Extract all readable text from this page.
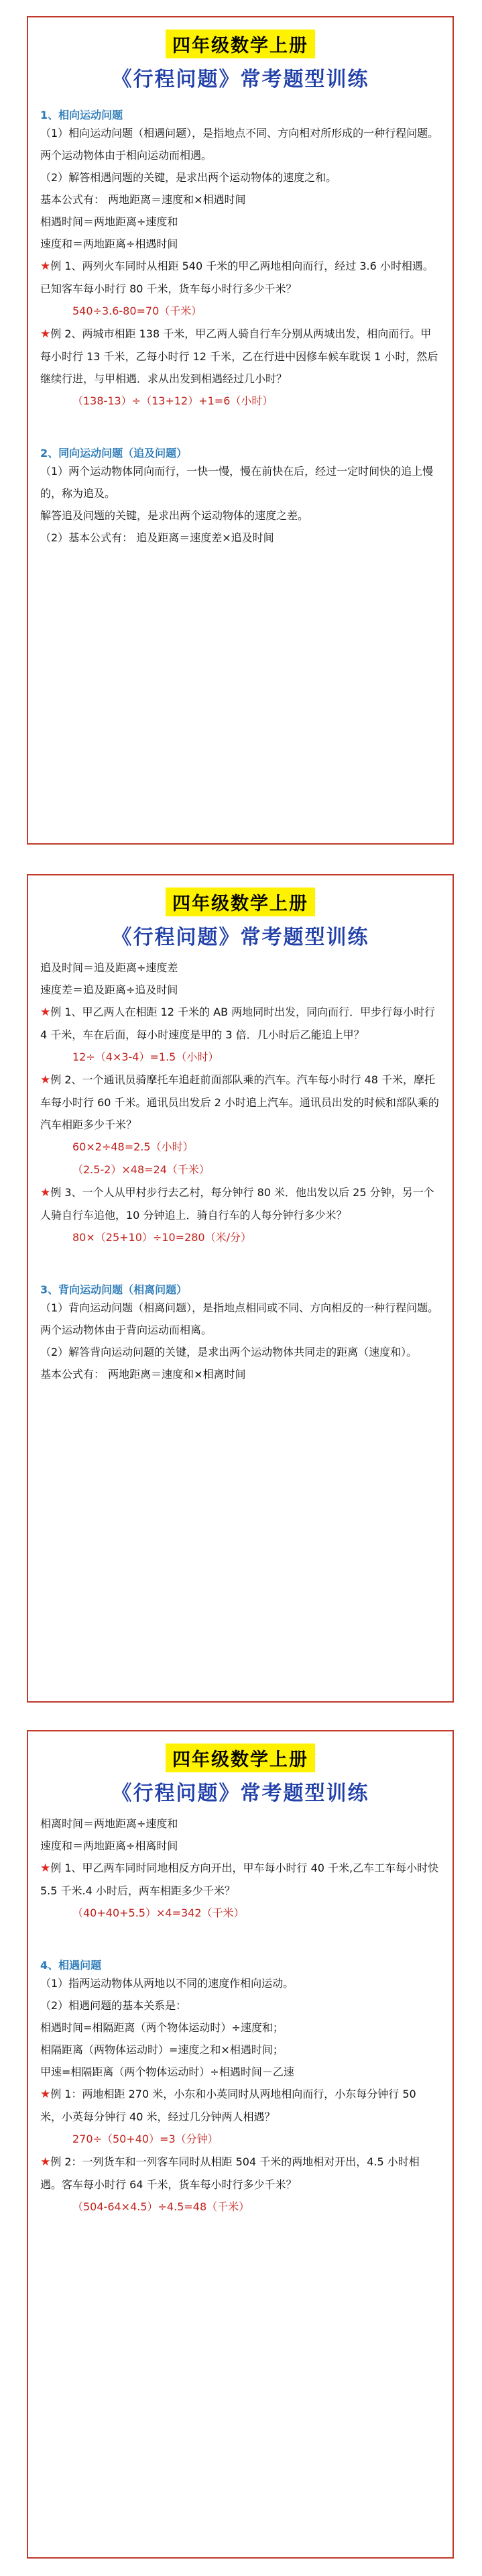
四年级数学上册
《行程问题》常考题型训练
1、相向运动问题

（1）相向运动问题（相遇问题），是指地点不同、方向相对所形成的一种行程问题。两个运动物体由于相向运动而相遇。

（2）解答相遇问题的关键，是求出两个运动物体的速度之和。

基本公式有： 两地距离＝速度和×相遇时间

相遇时间＝两地距离÷速度和

速度和＝两地距离÷相遇时间

★例 1、两列火车同时从相距 540 千米的甲乙两地相向而行，经过 3.6 小时相遇。已知客车每小时行 80 千米，货车每小时行多少千米？

540÷3.6-80=70（千米）

★例 2、两城市相距 138 千米，甲乙两人骑自行车分别从两城出发，相向而行。甲每小时行 13 千米，乙每小时行 12 千米，乙在行进中因修车候车耽误 1 小时，然后继续行进，与甲相遇．求从出发到相遇经过几小时？

（138-13）÷（13+12）+1=6（小时）
2、同向运动问题（追及问题）

（1）两个运动物体同向而行，一快一慢，慢在前快在后，经过一定时间快的追上慢的，称为追及。

解答追及问题的关键，是求出两个运动物体的速度之差。

（2）基本公式有： 追及距离＝速度差×追及时间

四年级数学上册
《行程问题》常考题型训练

追及时间＝追及距离÷速度差

速度差＝追及距离÷追及时间

★例 1、甲乙两人在相距 12 千米的 AB 两地同时出发，同向而行．甲步行每小时行 4 千米，车在后面，每小时速度是甲的 3 倍．几小时后乙能追上甲？

12÷（4×3-4）=1.5（小时）

★例 2、一个通讯员骑摩托车追赶前面部队乘的汽车。汽车每小时行 48 千米，摩托车每小时行 60 千米。通讯员出发后 2 小时追上汽车。通讯员出发的时候和部队乘的汽车相距多少千米？

60×2÷48=2.5（小时）
（2.5-2）×48=24（千米）

★例 3、一个人从甲村步行去乙村，每分钟行 80 米．他出发以后 25 分钟，另一个人骑自行车追他，10 分钟追上．骑自行车的人每分钟行多少米？

80×（25+10）÷10=280（米/分）
3、背向运动问题（相离问题）

（1）背向运动问题（相离问题），是指地点相同或不同、方向相反的一种行程问题。两个运动物体由于背向运动而相离。

（2）解答背向运动问题的关键，是求出两个运动物体共同走的距离（速度和）。

基本公式有： 两地距离＝速度和×相离时间

四年级数学上册
《行程问题》常考题型训练

相离时间＝两地距离÷速度和

速度和＝两地距离÷相离时间

★例 1、甲乙两车同时同地相反方向开出，甲车每小时行 40 千米,乙车工车每小时快 5.5 千米.4 小时后，两车相距多少千米？

（40+40+5.5）×4=342（千米）
4、相遇问题

（1）指两运动物体从两地以不同的速度作相向运动。

（2）相遇问题的基本关系是：

相遇时间=相隔距离（两个物体运动时）÷速度和；

相隔距离（两物体运动时）=速度之和×相遇时间；

甲速=相隔距离（两个物体运动时）÷相遇时间－乙速

★例 1：两地相距 270 米，小东和小英同时从两地相向而行，小东每分钟行 50 米，小英每分钟行 40 米，经过几分钟两人相遇？

270÷（50+40）=3（分钟）

★例 2：一列货车和一列客车同时从相距 504 千米的两地相对开出，4.5 小时相遇。客车每小时行 64 千米，货车每小时行多少千米？

（504-64×4.5）÷4.5=48（千米）
